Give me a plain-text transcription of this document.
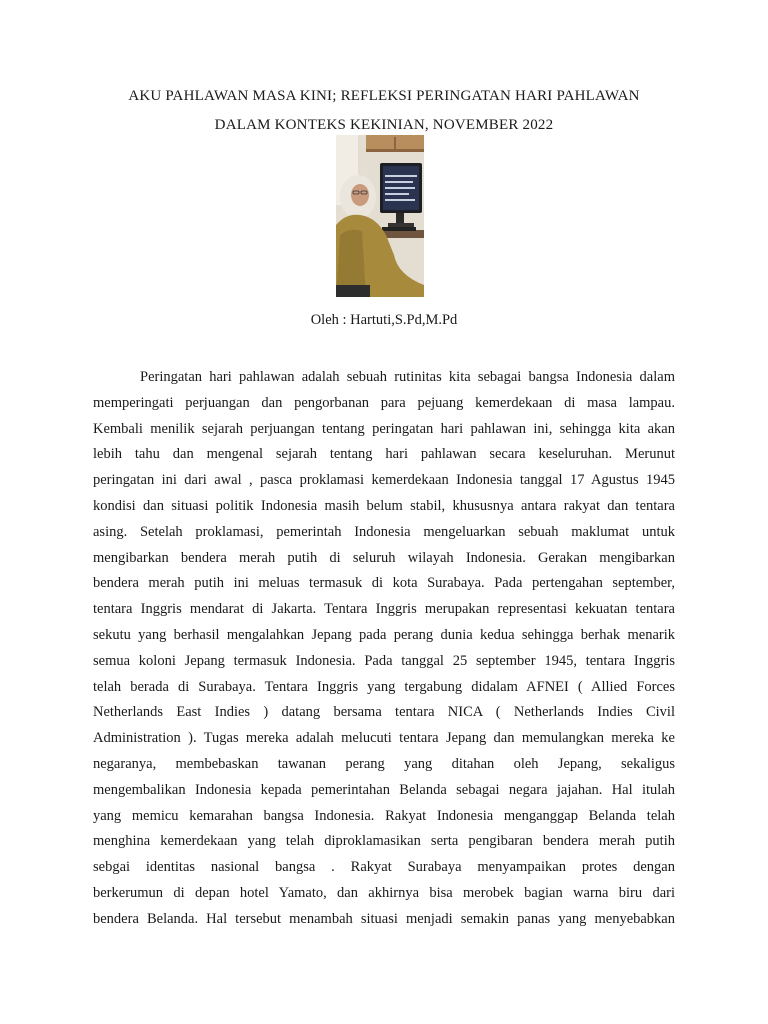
AKU PAHLAWAN MASA KINI; REFLEKSI PERINGATAN HARI PAHLAWAN
DALAM KONTEKS KEKINIAN, NOVEMBER 2022
Oleh : Hartuti,S.Pd,M.Pd
Peringatan hari pahlawan adalah sebuah rutinitas kita sebagai bangsa Indonesia dalam
memperingati perjuangan dan pengorbanan para pejuang kemerdekaan di masa lampau.
Kembali menilik sejarah perjuangan tentang peringatan hari pahlawan ini, sehingga kita akan
lebih tahu dan mengenal sejarah tentang hari pahlawan secara keseluruhan. Merunut
peringatan ini dari awal , pasca proklamasi kemerdekaan Indonesia tanggal 17 Agustus 1945
kondisi dan situasi politik Indonesia masih belum stabil, khususnya antara rakyat dan tentara
asing. Setelah proklamasi, pemerintah Indonesia mengeluarkan sebuah maklumat untuk
mengibarkan bendera merah putih di seluruh wilayah Indonesia. Gerakan mengibarkan
bendera merah putih ini meluas termasuk di kota Surabaya. Pada pertengahan september,
tentara Inggris mendarat di Jakarta. Tentara Inggris merupakan representasi kekuatan tentara
sekutu yang berhasil mengalahkan Jepang pada perang dunia kedua sehingga berhak menarik
semua koloni Jepang termasuk Indonesia. Pada tanggal 25 september 1945, tentara Inggris
telah berada di Surabaya. Tentara Inggris yang tergabung didalam AFNEI ( Allied Forces
Netherlands East Indies ) datang bersama tentara NICA ( Netherlands Indies Civil
Administration ). Tugas mereka adalah melucuti tentara Jepang dan memulangkan mereka ke
negaranya, membebaskan tawanan perang yang ditahan oleh Jepang, sekaligus
mengembalikan Indonesia kepada pemerintahan Belanda sebagai negara jajahan. Hal itulah
yang memicu kemarahan bangsa Indonesia. Rakyat Indonesia menganggap Belanda telah
menghina kemerdekaan yang telah diproklamasikan serta pengibaran bendera merah putih
sebgai identitas nasional bangsa . Rakyat Surabaya menyampaikan protes dengan
berkerumun di depan hotel Yamato, dan akhirnya bisa merobek bagian warna biru dari
bendera Belanda. Hal tersebut menambah situasi menjadi semakin panas yang menyebabkan
